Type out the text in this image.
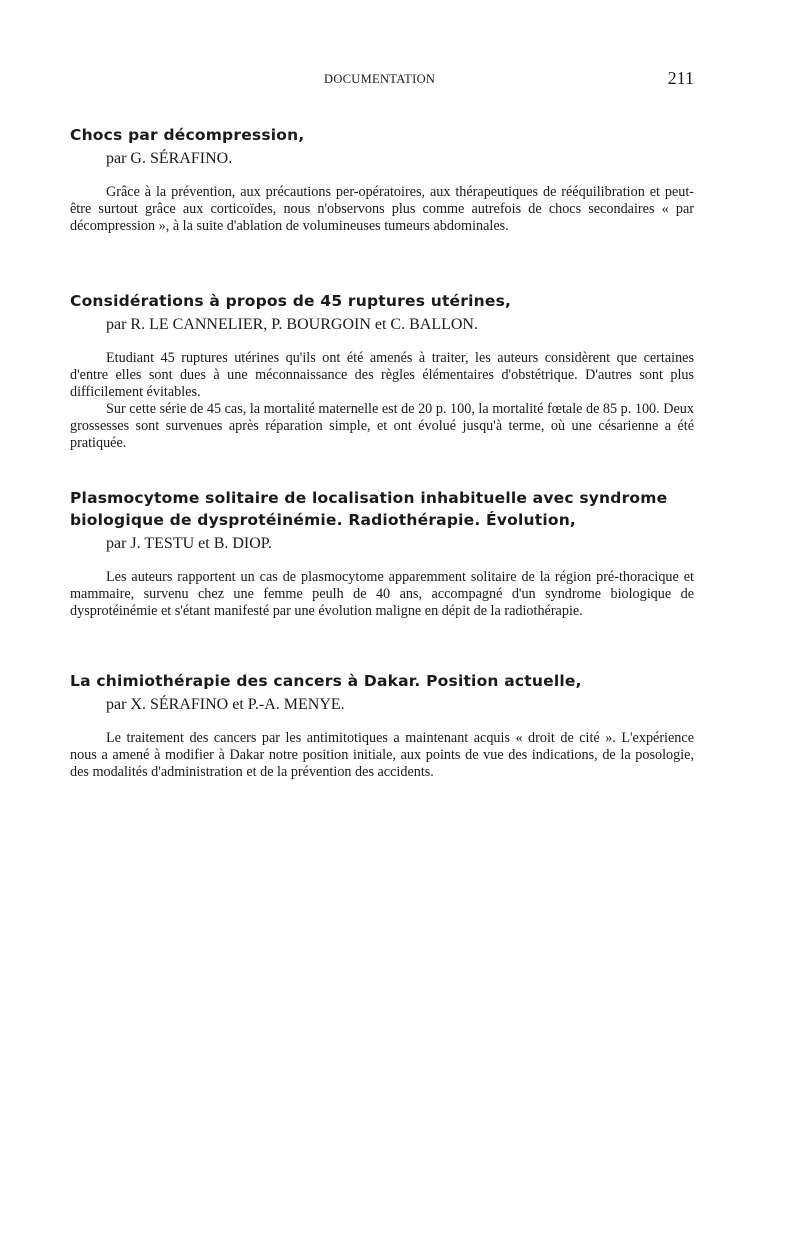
DOCUMENTATION	211
Chocs par décompression,
par G. SÉRAFINO.

Grâce à la prévention, aux précautions per-opératoires, aux thérapeutiques de rééquilibration et peut-être surtout grâce aux corticoïdes, nous n'observons plus comme autrefois de chocs secondaires « par décompression », à la suite d'ablation de volumineuses tumeurs abdominales.

Considérations à propos de 45 ruptures utérines,
par R. LE CANNELIER, P. BOURGOIN et C. BALLON.

Etudiant 45 ruptures utérines qu'ils ont été amenés à traiter, les auteurs considèrent que certaines d'entre elles sont dues à une méconnaissance des règles élémentaires d'obstétrique. D'autres sont plus difficilement évitables.

Sur cette série de 45 cas, la mortalité maternelle est de 20 p. 100, la mortalité fœtale de 85 p. 100. Deux grossesses sont survenues après réparation simple, et ont évolué jusqu'à terme, où une césarienne a été pratiquée.

Plasmocytome solitaire de localisation inhabituelle avec syndrome biologique de dysprotéinémie. Radiothérapie. Évolution,
par J. TESTU et B. DIOP.

Les auteurs rapportent un cas de plasmocytome apparemment solitaire de la région pré-thoracique et mammaire, survenu chez une femme peulh de 40 ans, accompagné d'un syndrome biologique de dysprotéinémie et s'étant manifesté par une évolution maligne en dépit de la radiothérapie.

La chimiothérapie des cancers à Dakar. Position actuelle,
par X. SÉRAFINO et P.-A. MENYE.

Le traitement des cancers par les antimitotiques a maintenant acquis « droit de cité ». L'expérience nous a amené à modifier à Dakar notre position initiale, aux points de vue des indications, de la posologie, des modalités d'administration et de la prévention des accidents.
